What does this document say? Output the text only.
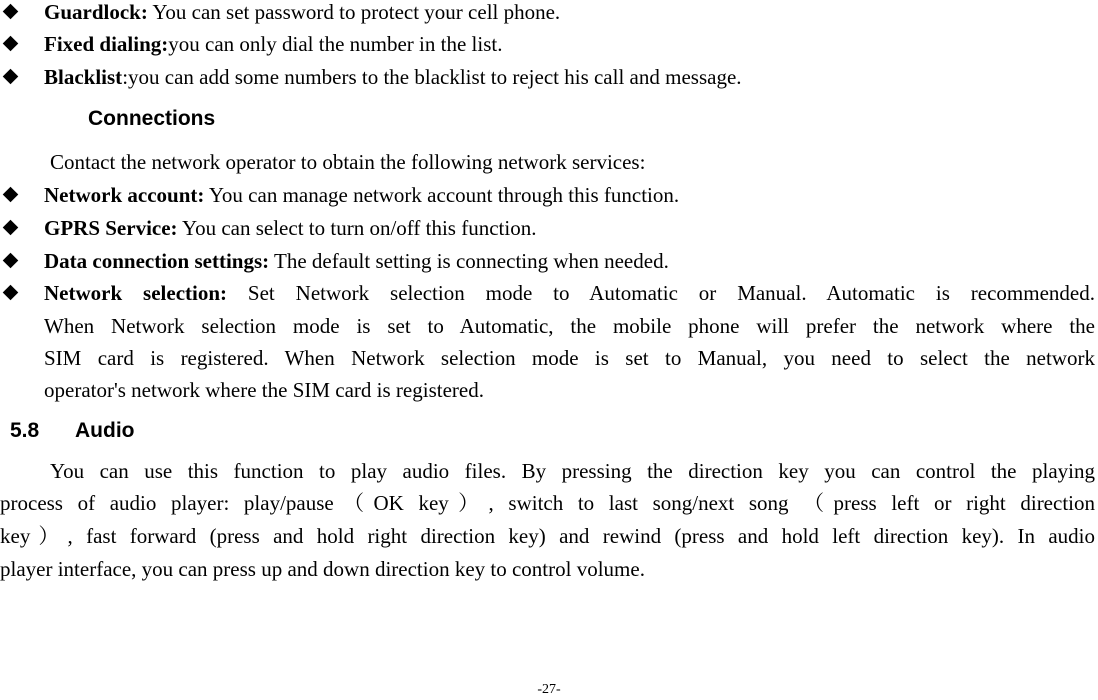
Guardlock: You can set password to protect your cell phone.
Fixed dialing:you can only dial the number in the list.
Blacklist:you can add some numbers to the blacklist to reject his call and message.
Connections
Contact the network operator to obtain the following network services:
Network account: You can manage network account through this function.
GPRS Service: You can select to turn on/off this function.
Data connection settings: The default setting is connecting when needed.
Network selection: Set Network selection mode to Automatic or Manual. Automatic is recommended.
When Network selection mode is set to Automatic, the mobile phone will prefer the network where the
SIM card is registered. When Network selection mode is set to Manual, you need to select the network
operator's network where the SIM card is registered.
5.8 Audio
You can use this function to play audio files. By pressing the direction key you can control the playing
process of audio player: play/pause（OK key）, switch to last song/next song （press left or right direction
key）, fast forward (press and hold right direction key) and rewind (press and hold left direction key). In audio
player interface, you can press up and down direction key to control volume.
-27-
